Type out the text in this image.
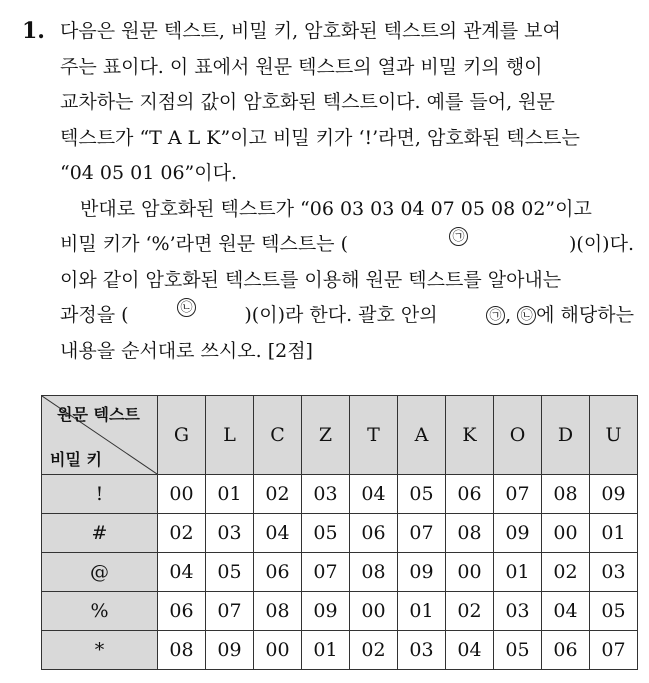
1. 다음은 원문 텍스트, 비밀 키, 암호화된 텍스트의 관계를 보여
주는 표이다. 이 표에서 원문 텍스트의 열과 비밀 키의 행이
교차하는 지점의 값이 암호화된 텍스트이다. 예를 들어, 원문
텍스트가 “T A L K”이고 비밀 키가 ‘!’라면, 암호화된 텍스트는
“04 05 01 06”이다.
반대로 암호화된 텍스트가 “06 03 03 04 07 05 08 02”이고
비밀 키가 ‘%’라면 원문 텍스트는 (	㉠	)(이)다.
이와 같이 암호화된 텍스트를 이용해 원문 텍스트를 알아내는
과정을 (	㉡	)(이)라 한다. 괄호 안의	㉠ , ㉡ 에 해당하는
내용을 순서대로 쓰시오. [2점]
원문 텍스트
비밀 키	G	L	C	Z	T	A	K	O	D	U
!	00	01	02	03	04	05	06	07	08	09
#	02	03	04	05	06	07	08	09	00	01
@	04	05	06	07	08	09	00	01	02	03
%	06	07	08	09	00	01	02	03	04	05
*	08	09	00	01	02	03	04	05	06	07
